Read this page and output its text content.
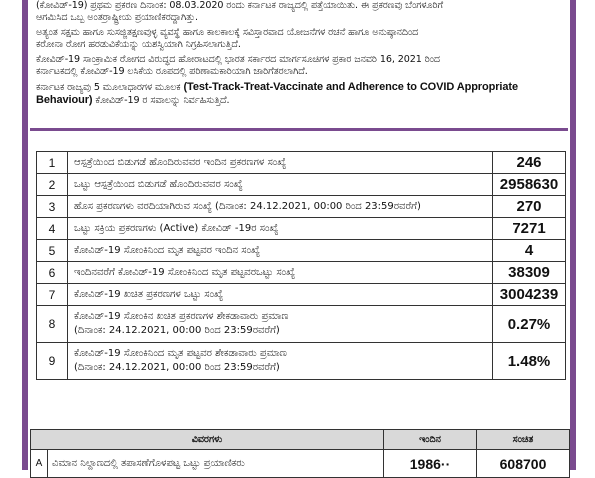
(ಕೋವಿಡ್-19) ಪ್ರಥಮ ಪ್ರಕರಣ ದಿನಾಂಕ: 08.03.2020 ರಂದು ಕರ್ನಾಟಕ ರಾಜ್ಯದಲ್ಲಿ ಪತ್ತೆಯಾಯಿತು. ಈ ಪ್ರಕರಣವು ಬೆಂಗಳೂರಿಗೆ

ಆಗಮಿಸಿದ ಒಬ್ಬ ಅಂತರ್ರಾಷ್ಟ್ರೀಯ ಪ್ರಯಾಣಿಕರದ್ದಾಗಿತ್ತು.

ಅತ್ಯಂತ ಸಕ್ಷಮ ಹಾಗೂ ಸುಸಜ್ಜಿತಕ್ಷಣವುಳ್ಳ ವ್ಯವಸ್ಥೆ ಹಾಗೂ ಕಾಲಕಾಲಕ್ಕೆ ಸವಿಸ್ತಾರವಾದ ಯೋಜನೆಗಳ ರಚನೆ ಹಾಗೂ ಅನುಷ್ಠಾನದಿಂದ

ಕರೋನಾ ರೋಗ ಹರಡುವಿಕೆಯನ್ನು ಯಶಸ್ವಿಯಾಗಿ ನಿಗ್ರಹಿಸಲಾಗುತ್ತಿದೆ.

ಕೋವಿಡ್-19 ಸಾಂಕ್ರಾಮಿಕ ರೋಗದ ವಿರುದ್ಧದ ಹೋರಾಟದಲ್ಲಿ ಭಾರತ ಸರ್ಕಾರದ ಮಾರ್ಗಸೂಚಿಗಳ ಪ್ರಕಾರ ಜನವರಿ 16, 2021 ರಿಂದ

ಕರ್ನಾಟಕದಲ್ಲಿ ಕೋವಿಡ್-19 ಲಸಿಕೆಯ ರೂಪದಲ್ಲಿ ಪರಿಣಾಮಕಾರಿಯಾಗಿ ಜಾರಿಗೆತರಲಾಗಿದೆ.

ಕರ್ನಾಟಕ ರಾಜ್ಯವು 5 ಮೂಲಾಧಾರಗಳ ಮೂಲಕ (Test-Track-Treat-Vaccinate and Adherence to COVID Appropriate

Behaviour) ಕೋವಿಡ್-19 ರ ಸವಾಲನ್ನು ನಿರ್ವಹಿಸುತ್ತಿದೆ.

1	ಆಸ್ಪತ್ರೆಯಿಂದ ಬಿಡುಗಡೆ ಹೊಂದಿರುವವರ ಇಂದಿನ ಪ್ರಕರಣಗಳ ಸಂಖ್ಯೆ	246
2	ಒಟ್ಟು ಆಸ್ಪತ್ರೆಯಿಂದ ಬಿಡುಗಡೆ ಹೊಂದಿರುವವರ ಸಂಖ್ಯೆ	2958630
3	ಹೊಸ ಪ್ರಕರಣಗಳು ವರದಿಯಾಗಿರುವ ಸಂಖ್ಯೆ (ದಿನಾಂಕ: 24.12.2021, 00:00 ರಿಂದ 23:59ರವರೆಗೆ)	270
4	ಒಟ್ಟು ಸಕ್ರಿಯ ಪ್ರಕರಣಗಳು (Active) ಕೋವಿಡ್ -19ರ ಸಂಖ್ಯೆ	7271
5	ಕೋವಿಡ್-19 ಸೋಂಕಿನಿಂದ ಮೃತ ಪಟ್ಟವರ ಇಂದಿನ ಸಂಖ್ಯೆ	4
6	ಇಂದಿನವರೆಗೆ ಕೋವಿಡ್-19 ಸೋಂಕಿನಿಂದ ಮೃತ ಪಟ್ಟವರಒಟ್ಟು ಸಂಖ್ಯೆ	38309
7	ಕೋವಿಡ್-19 ಖಚಿತ ಪ್ರಕರಣಗಳ ಒಟ್ಟು ಸಂಖ್ಯೆ	3004239
8	ಕೋವಿಡ್-19 ಸೋಂಕಿನ ಖಚಿತ ಪ್ರಕರಣಗಳ ಶೇಕಡಾವಾರು ಪ್ರಮಾಣ
(ದಿನಾಂಕ: 24.12.2021, 00:00 ರಿಂದ 23:59ರವರೆಗೆ)	0.27%
9	ಕೋವಿಡ್-19 ಸೋಂಕಿನಿಂದ ಮೃತ ಪಟ್ಟವರ ಶೇಕಡಾವಾರು ಪ್ರಮಾಣ
(ದಿನಾಂಕ: 24.12.2021, 00:00 ರಿಂದ 23:59ರವರೆಗೆ)	1.48%
ವಿವರಗಳು		ಇಂದಿನ	ಸಂಚಿತ
A	ವಿಮಾನ ನಿಲ್ದಾಣದಲ್ಲಿ ತಪಾಸಣೆಗೊಳಪಟ್ಟ ಒಟ್ಟು ಪ್ರಯಾಣಿಕರು	1986··	608700
